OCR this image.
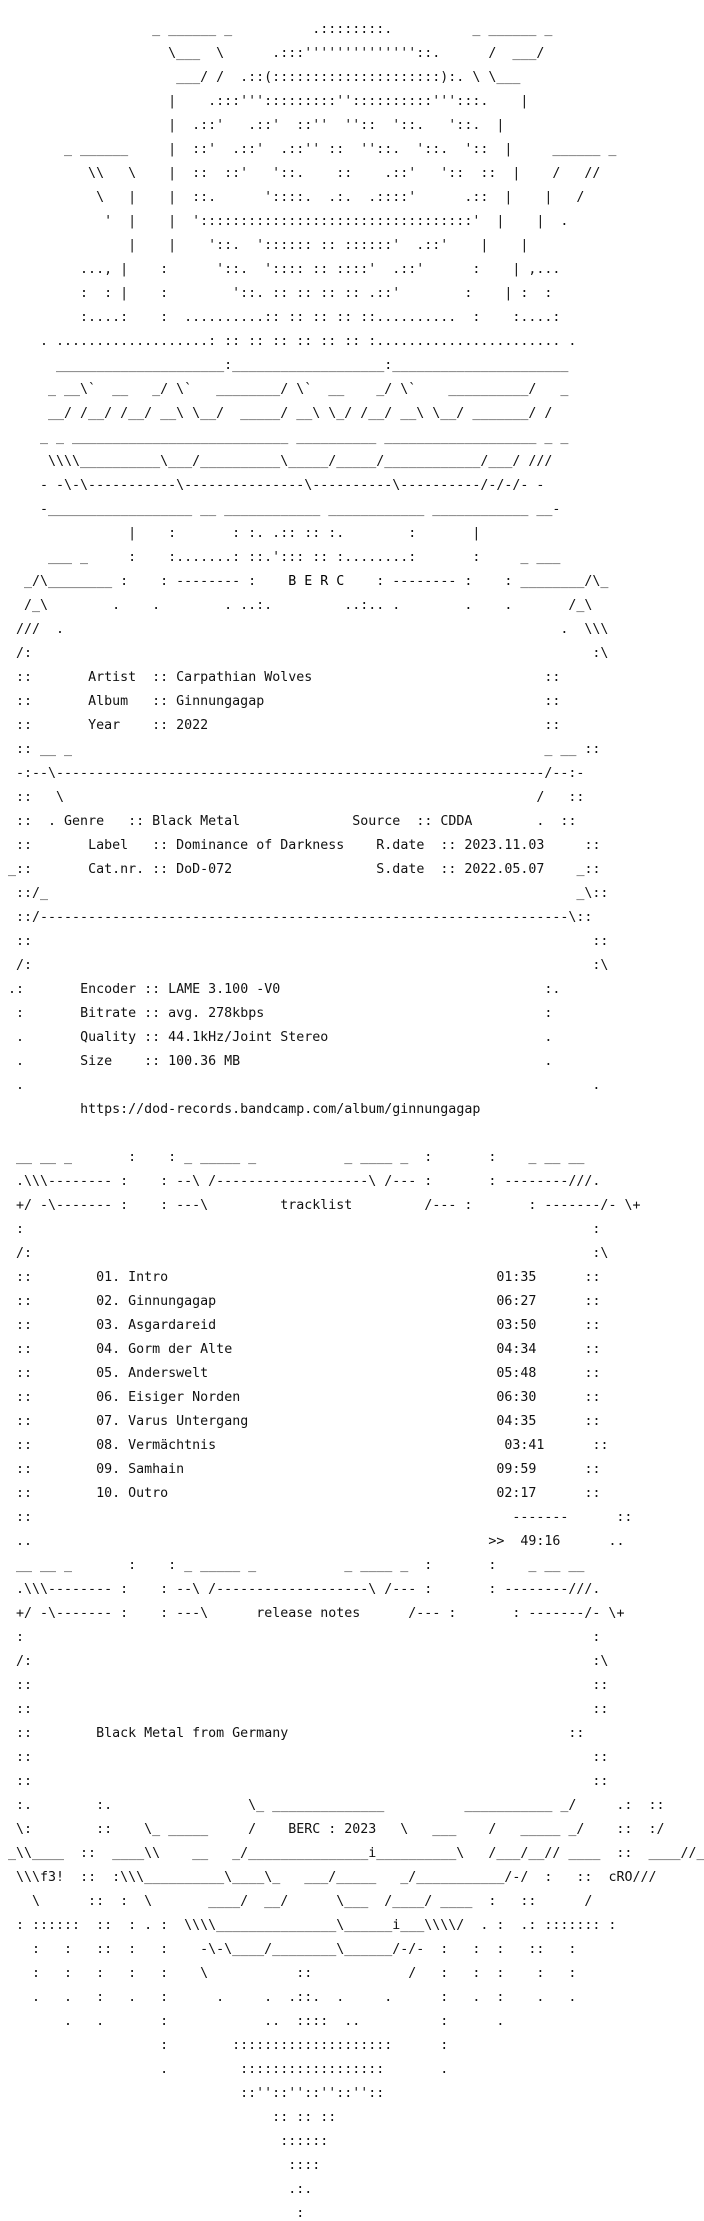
_ ______ _          .::::::::.          _ ______ _

\___  \      .:::''''''''''''''::.      /  ___/

___/ /  .::(:::::::::::::::::::::):. \ \___

|    .:::''':::::::::''::::::::::''':::.    |

|  .::'   .::'  ::''  ''::  '::.   '::.  |

_ ______     |  ::'  .::'  .::'' ::  ''::.  '::.  '::  |     ______ _

\\   \    |  ::  ::'   '::.    ::    .::'   '::  ::  |    /   //

\   |    |  ::.      '::::.  .:.  .::::'      .::  |    |   /

'  |    |  '::::::::::::::::::::::::::::::::::'  |    |  .

|    |    '::.  ':::::: :: ::::::'  .::'    |    |

..., |    :      '::.  ':::: :: ::::'  .::'      :    | ,...

:  : |    :        '::. :: :: :: :: .::'        :    | :  :

:....:    :  ..........:: :: :: :: ::..........  :    :....:

. ...................: :: :: :: :: :: :: :....................... .

_____________________:___________________:______________________

_ __\`  __   _/ \`   ________/ \`  __    _/ \`    __________/   _

__/ /__/ /__/ __\ \__/  _____/ __\ \_/ /__/ __\ \__/ _______/ /

_ _ ___________________________ __________ ___________________ _ _

\\\\__________\___/__________\_____/_____/____________/___/ ///

- -\-\-----------\---------------\----------\----------/-/-/- -

-__________________ __ ____________ ____________ ____________ __-

|    :       : :. .:: :: :.        :       |

___ _     :    :.......: ::.'::: :: :........:       :     _ ___

_/\________ :    : -------- :    B E R C    : -------- :    : ________/\_

/_\        .    .        . ..:.         ..:.. .        .    .       /_\

///  .                                                              .  \\\

/:                                                                      :\

::       Artist  :: Carpathian Wolves                             ::

::       Album   :: Ginnungagap                                   ::

::       Year    :: 2022                                          ::

:: __ _                                                           _ __ ::

-:--\-------------------------------------------------------------/--:-

::   \                                                           /   ::

::  . Genre   :: Black Metal	Source  :: CDDA        .  ::

::       Label   :: Dominance of Darkness R.date  :: 2023.11.03     ::

_::       Cat.nr. :: DoD-072	S.date  :: 2022.05.07    _::

::/_                                                                  _\::

::/------------------------------------------------------------------\::

::                                                                      ::

/:                                                                      :\

.:       Encoder :: LAME 3.100 -V0                                 :.

:       Bitrate :: avg. 278kbps                                   :

.       Quality :: 44.1kHz/Joint Stereo                           .

.       Size    :: 100.36 MB                                      .

.                                                                       .

https://dod-records.bandcamp.com/album/ginnungagap

__ __ _       :    : _ _____ _           _ ____ _  :       :    _ __ __

.\\\-------- :    : --\ /-------------------\ /--- :       : --------///.

+/ -\------- :    : ---\         tracklist         /--- :       : -------/- \+

:                                                                       :

/:                                                                      :\

::        01. Intro	01:35      ::

::        02. Ginnungagap	06:27      ::

::        03. Asgardareid	03:50      ::

::        04. Gorm der Alte	04:34      ::

::        05. Anderswelt	05:48      ::

::        06. Eisiger Norden	06:30      ::

::        07. Varus Untergang	04:35      ::

::        08. Vermächtnis	03:41      ::

::        09. Samhain	09:59      ::

::        10. Outro	02:17      ::

::                                                            -------      ::

..                                                         >> 49:16      ..

__ __ _       :    : _ _____ _           _ ____ _  :       :    _ __ __

.\\\-------- :    : --\ /-------------------\ /--- :       : --------///.

+/ -\------- :    : ---\      release notes      /--- :       : -------/- \+

:                                                                       :

/:                                                                      :\

::                                                                      ::

::                                                                      ::

::        Black Metal from Germany                                   ::

::                                                                      ::

::                                                                      ::

:.        :.                 \_ ______________          ___________ _/     .:  ::

\:        ::    \_ _____     /    BERC : 2023   \   ___    /   _____ _/    ::  :/

_\\____  ::  ____\\    __   _/_______________i__________\   /___/__// ____  ::  ____//_

\\\f3!  ::  :\\\__________\____\_   ___/_____   _/___________/-/  :   ::  cRO///

\      ::  :  \       ____/  __/      \___  /____/ ____  :   ::      /

: ::::::  ::  : . :  \\\\_______________\______i___\\\\/  . :  .: ::::::: :

:   :   ::  :   :    -\-\____/________\______/-/-  :   :  :   ::   :

:   :   :   :   :    \           ::            /   :   :  :    :   :

.   .   :   .   :      .     .  .::.  .     .      :   .  :    .   .

.   .       :            ..  ::::  ..          :      .

:        ::::::::::::::::::::      :

.         ::::::::::::::::::       .

::''::''::''::''::

:: :: ::

::::::

::::

.:.

:
